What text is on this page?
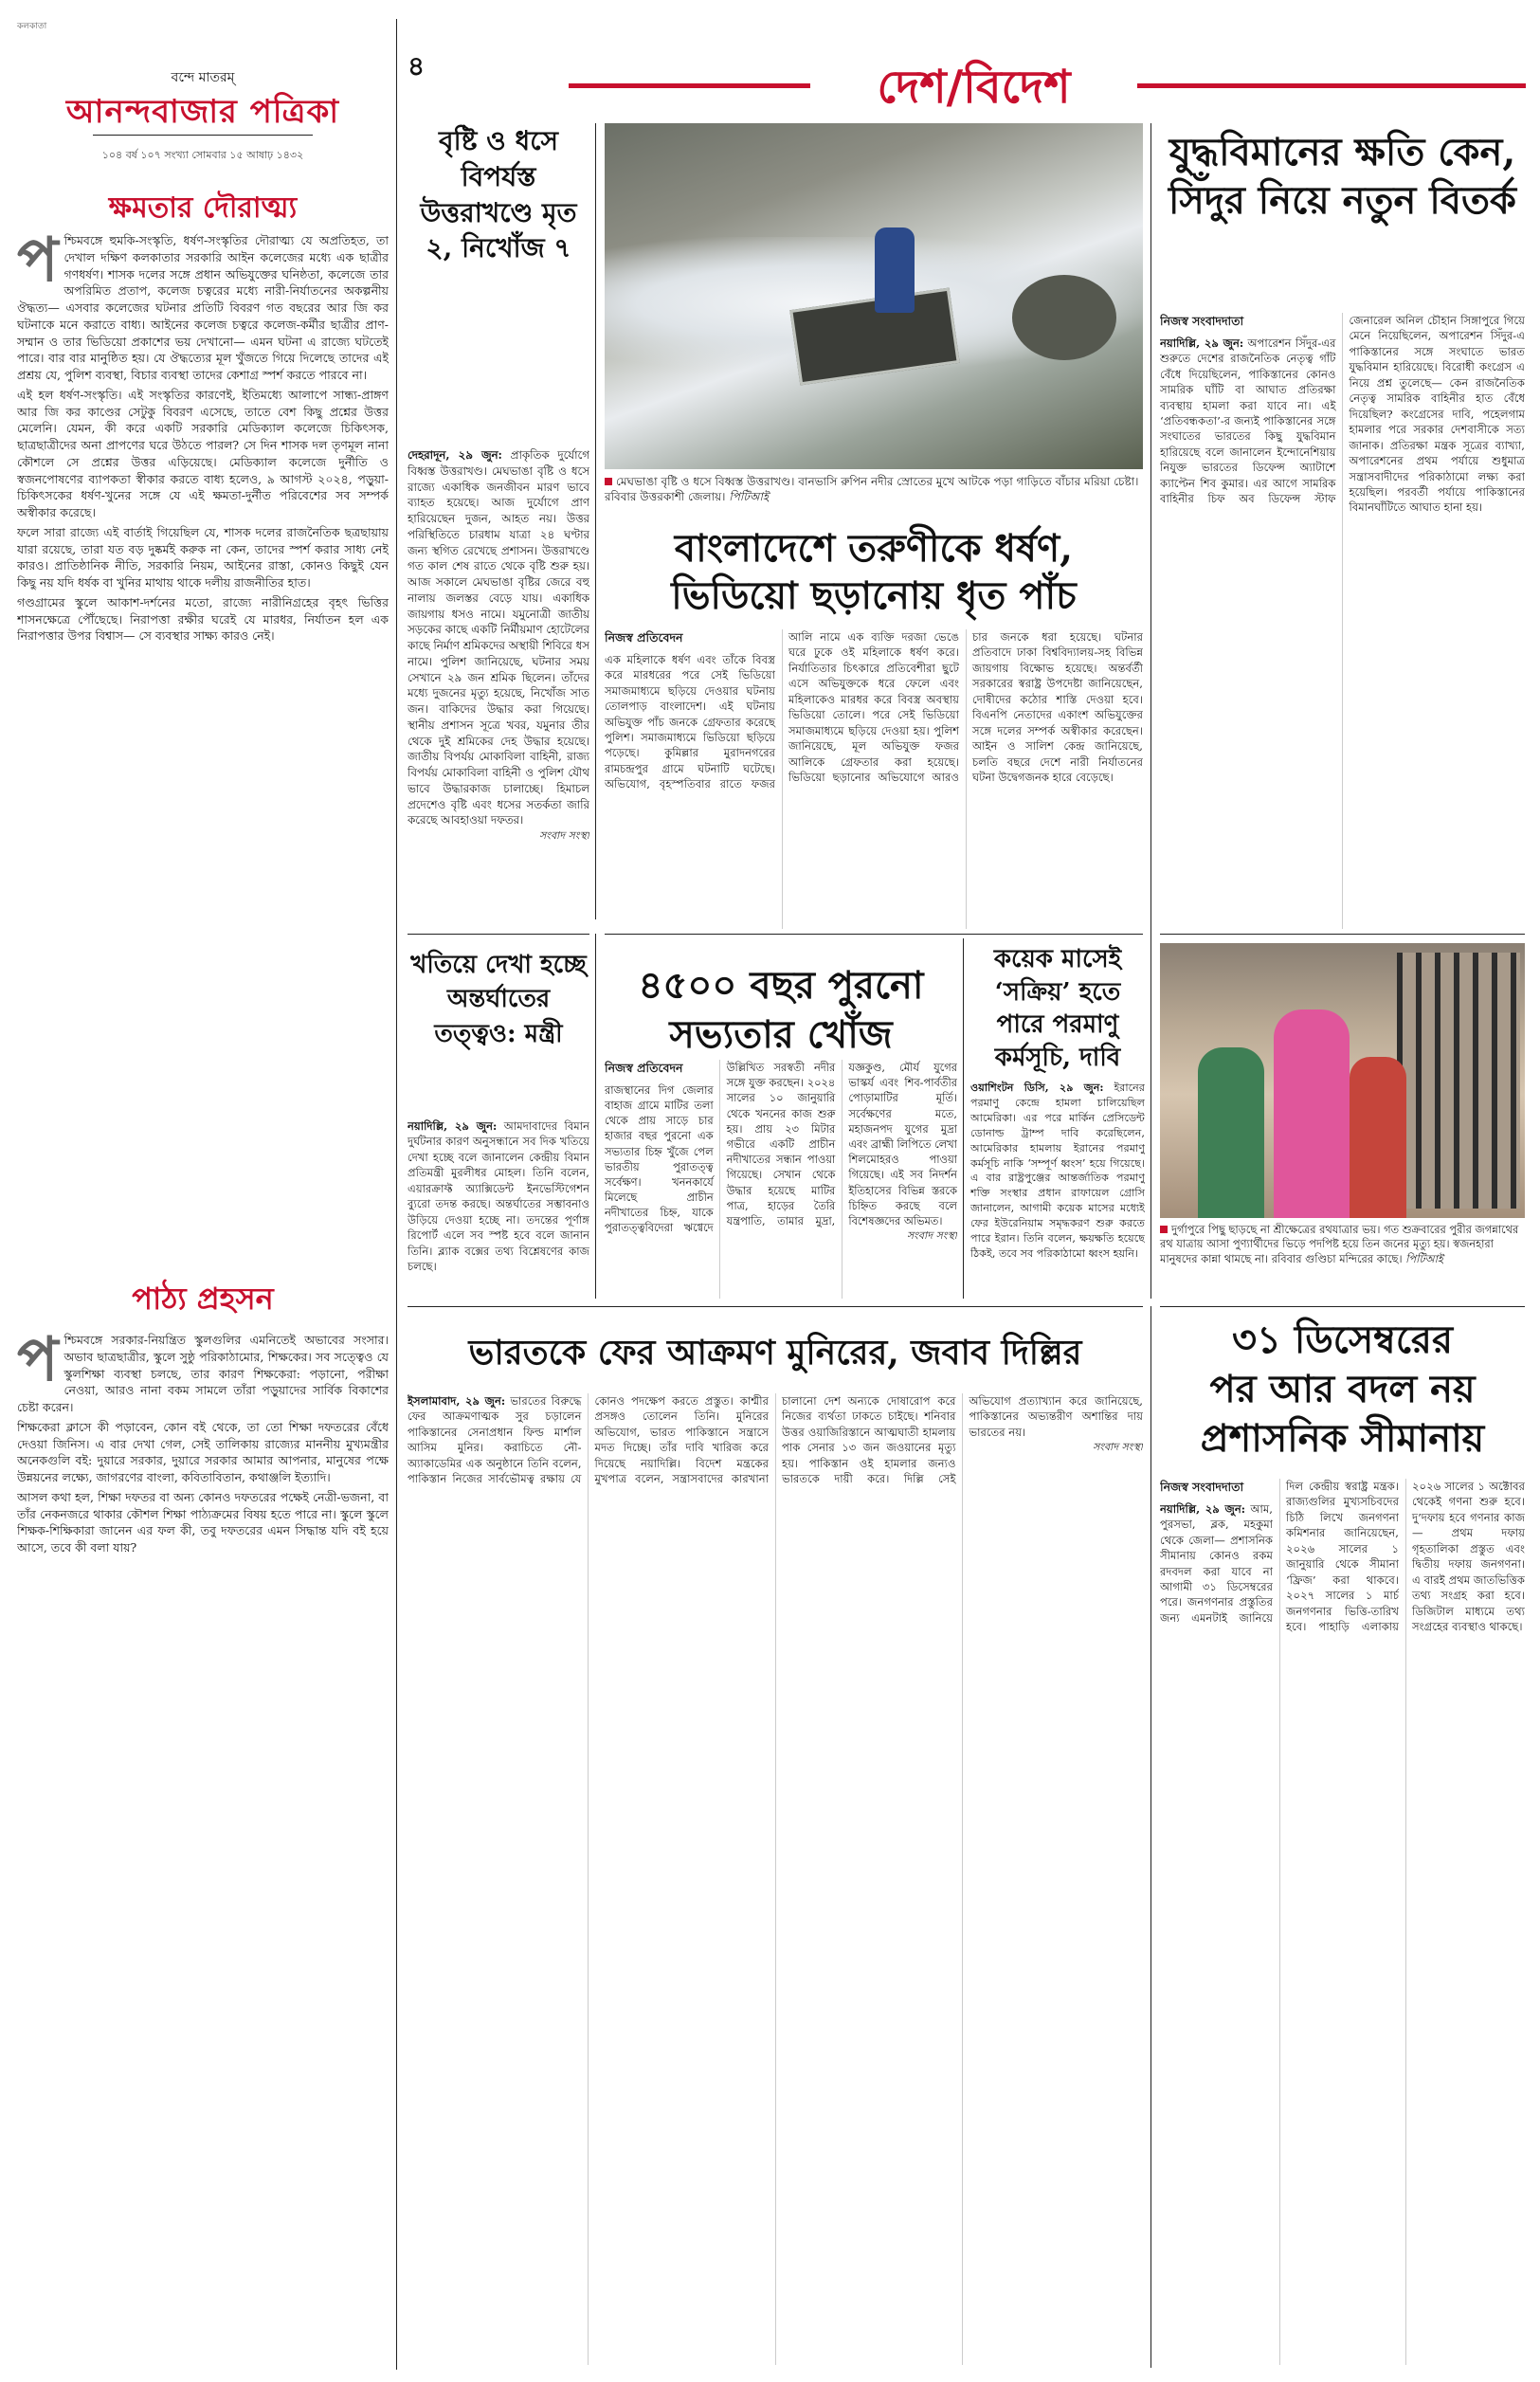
কলকাতা
বন্দে মাতরম্
আনন্দবাজার পত্রিকা
১০৪ বর্ষ ১০৭ সংখ্যা সোমবার ১৫ আষাঢ় ১৪৩২
ক্ষমতার দৌরাত্ম্য
প শ্চিমবঙ্গে হুমকি-সংস্কৃতি, ধর্ষণ-সংস্কৃতির দৌরাত্ম্য যে অপ্রতিহত, তা দেখাল দক্ষিণ কলকাতার সরকারি আইন কলেজের মধ্যে এক ছাত্রীর গণধর্ষণ। শাসক দলের সঙ্গে প্রধান অভিযুক্তের ঘনিষ্ঠতা, কলেজে তার অপরিমিত প্রতাপ, কলেজ চত্বরের মধ্যে নারী-নির্যাতনের অকল্পনীয় ঔদ্ধত্য— এসবার কলেজের ঘটনার প্রতিটি বিবরণ গত বছরের আর জি কর ঘটনাকে মনে করাতে বাধ্য। আইনের কলেজ চত্বরে কলেজ-কর্মীর ছাত্রীর প্রাণ-সম্মান ও তার ভিডিয়ো প্রকাশের ভয় দেখানো— এমন ঘটনা এ রাজ্যে ঘটতেই পারে। বার বার মানুষ্ঠিত হয়। যে ঔদ্ধত্যের মূল খুঁজতে গিয়ে দিলেছে তাদের এই প্রশ্রয় যে, পুলিশ ব্যবস্থা, বিচার ব্যবস্থা তাদের কেশাগ্র স্পর্শ করতে পারবে না।

এই হল ধর্ষণ-সংস্কৃতি। এই সংস্কৃতির কারণেই, ইতিমধ্যে আলাপে সান্ধ্য-প্রাঙ্গণ আর জি কর কাণ্ডের সেটুকু বিবরণ এসেছে, তাতে বেশ কিছু প্রশ্নের উত্তর মেলেনি। যেমন, কী করে একটি সরকারি মেডিক্যাল কলেজে চিকিৎসক, ছাত্রছাত্রীদের অনা প্রাপণের ঘরে উঠতে পারল? সে দিন শাসক দল তৃণমূল নানা কৌশলে সে প্রশ্নের উত্তর এড়িয়েছে। মেডিক্যাল কলেজে দুর্নীতি ও স্বজনপোষণের ব্যাপকতা স্বীকার করতে বাধ্য হলেও, ৯ আগস্ট ২০২৪, পড়ুয়া-চিকিৎসকের ধর্ষণ-খুনের সঙ্গে যে এই ক্ষমতা-দুর্নীত পরিবেশের সব সম্পর্ক অস্বীকার করেছে।

ফলে সারা রাজ্যে এই বার্তাই গিয়েছিল যে, শাসক দলের রাজনৈতিক ছত্রছায়ায় যারা রয়েছে, তারা যত বড় দুষ্কর্মই করুক না কেন, তাদের স্পর্শ করার সাধ্য নেই কারও। প্রাতিষ্ঠানিক নীতি, সরকারি নিয়ম, আইনের রাস্তা, কোনও কিছুই যেন কিছু নয় যদি ধর্ষক বা খুনির মাথায় থাকে দলীয় রাজনীতির হাত।

গণ্ডগ্রামের স্কুলে আকাশ-দর্শনের মতো, রাজ্যে নারীনিগ্রহের বৃহৎ ভিত্তির শাসনক্ষেত্রে পৌঁছেছে। নিরাপত্তা রক্ষীর ঘরেই যে মারধর, নির্যাতন হল এক নিরাপত্তার উপর বিশ্বাস— সে ব্যবস্থার সাক্ষ্য কারও নেই।

পাঠ্য প্রহসন
প শ্চিমবঙ্গে সরকার-নিয়ন্ত্রিত স্কুলগুলির এমনিতেই অভাবের সংসার। অভাব ছাত্রছাত্রীর, স্কুলে সুষ্ঠু পরিকাঠামোর, শিক্ষকের। সব সত্ত্বেও যে স্কুলশিক্ষা ব্যবস্থা চলছে, তার কারণ শিক্ষকেরা: পড়ানো, পরীক্ষা নেওয়া, আরও নানা বকম সামলে তাঁরা পড়ুয়াদের সার্বিক বিকাশের চেষ্টা করেন।

শিক্ষকেরা ক্লাসে কী পড়াবেন, কোন বই থেকে, তা তো শিক্ষা দফতরের বেঁধে দেওয়া জিনিস। এ বার দেখা গেল, সেই তালিকায় রাজ্যের মাননীয় মুখ্যমন্ত্রীর অনেকগুলি বই: দুয়ারে সরকার, দুয়ারে সরকার আমার আপনার, মানুষের পক্ষে উন্নয়নের লক্ষ্যে, জাগরণের বাংলা, কবিতাবিতান, কথাঞ্জলি ইত্যাদি।

আসল কথা হল, শিক্ষা দফতর বা অন্য কোনও দফতরের পক্ষেই নেত্রী-ভজনা, বা তাঁর নেকনজরে থাকার কৌশল শিক্ষা পাঠ্যক্রমের বিষয় হতে পারে না। স্কুলে স্কুলে শিক্ষক-শিক্ষিকারা জানেন এর ফল কী, তবু দফতরের এমন সিদ্ধান্ত যদি বই হয়ে আসে, তবে কী বলা যায়?

৪	দেশ/বিদেশ
বৃষ্টি ও ধসে বিপর্যস্ত উত্তরাখণ্ডে মৃত ২, নিখোঁজ ৭
দেহরাদূন, ২৯ জুন: প্রাকৃতিক দুর্যোগে বিধ্বস্ত উত্তরাখণ্ড। মেঘভাঙা বৃষ্টি ও ধসে রাজ্যে একাধিক জনজীবন মারণ ভাবে ব্যাহত হয়েছে। আজ দুর্যোগে প্রাণ হারিয়েছেন দুজন, আহত নয়। উত্তর পরিস্থিতিতে চারধাম যাত্রা ২৪ ঘণ্টার জন্য স্থগিত রেখেছে প্রশাসন। উত্তরাখণ্ডে গত কাল শেষ রাতে থেকে বৃষ্টি শুরু হয়। আজ সকালে মেঘভাঙা বৃষ্টির জেরে বহু নালায় জলস্তর বেড়ে যায়। একাধিক জায়গায় ধসও নামে। যমুনোত্রী জাতীয় সড়কের কাছে একটি নির্মীয়মাণ হোটেলের কাছে নির্মাণ শ্রমিকদের অস্থায়ী শিবিরে ধস নামে। পুলিশ জানিয়েছে, ঘটনার সময় সেখানে ২৯ জন শ্রমিক ছিলেন। তাঁদের মধ্যে দুজনের মৃত্যু হয়েছে, নিখোঁজ সাত জন। বাকিদের উদ্ধার করা গিয়েছে। স্থানীয় প্রশাসন সূত্রে খবর, যমুনার তীর থেকে দুই শ্রমিকের দেহ উদ্ধার হয়েছে। জাতীয় বিপর্যয় মোকাবিলা বাহিনী, রাজ্য বিপর্যয় মোকাবিলা বাহিনী ও পুলিশ যৌথ ভাবে উদ্ধারকাজ চালাচ্ছে। হিমাচল প্রদেশেও বৃষ্টি এবং ধসের সতর্কতা জারি করেছে আবহাওয়া দফতর।
সংবাদ সংস্থা
মেঘভাঙা বৃষ্টি ও ধসে বিধ্বস্ত উত্তরাখণ্ড। বানভাসি রুপিন নদীর স্রোতের মুখে আটকে পড়া গাড়িতে বাঁচার মরিয়া চেষ্টা। রবিবার উত্তরকাশী জেলায়। পিটিআই
বাংলাদেশে তরুণীকে ধর্ষণ,
ভিডিয়ো ছড়ানোয় ধৃত পাঁচ
নিজস্ব প্রতিবেদন
এক মহিলাকে ধর্ষণ এবং তাঁকে বিবস্ত্র করে মারধরের পরে সেই ভিডিয়ো সমাজমাধ্যমে ছড়িয়ে দেওয়ার ঘটনায় তোলপাড় বাংলাদেশ। এই ঘটনায় অভিযুক্ত পাঁচ জনকে গ্রেফতার করেছে পুলিশ। সমাজমাধ্যমে ভিডিয়ো ছড়িয়ে পড়েছে। কুমিল্লার মুরাদনগরের রামচন্দ্রপুর গ্রামে ঘটনাটি ঘটেছে। অভিযোগ, বৃহস্পতিবার রাতে ফজর আলি নামে এক ব্যক্তি দরজা ভেঙে ঘরে ঢুকে ওই মহিলাকে ধর্ষণ করে। নির্যাতিতার চিৎকারে প্রতিবেশীরা ছুটে এসে অভিযুক্তকে ধরে ফেলে এবং মহিলাকেও মারধর করে বিবস্ত্র অবস্থায় ভিডিয়ো তোলে। পরে সেই ভিডিয়ো সমাজমাধ্যমে ছড়িয়ে দেওয়া হয়। পুলিশ জানিয়েছে, মূল অভিযুক্ত ফজর আলিকে গ্রেফতার করা হয়েছে। ভিডিয়ো ছড়ানোর অভিযোগে আরও চার জনকে ধরা হয়েছে। ঘটনার প্রতিবাদে ঢাকা বিশ্ববিদ্যালয়-সহ বিভিন্ন জায়গায় বিক্ষোভ হয়েছে। অন্তর্বর্তী সরকারের স্বরাষ্ট্র উপদেষ্টা জানিয়েছেন, দোষীদের কঠোর শাস্তি দেওয়া হবে। বিএনপি নেতাদের একাংশ অভিযুক্তের সঙ্গে দলের সম্পর্ক অস্বীকার করেছেন। আইন ও সালিশ কেন্দ্র জানিয়েছে, চলতি বছরে দেশে নারী নির্যাতনের ঘটনা উদ্বেগজনক হারে বেড়েছে।
যুদ্ধবিমানের ক্ষতি কেন, সিঁদুর নিয়ে নতুন বিতর্ক
নিজস্ব সংবাদদাতা
নয়াদিল্লি, ২৯ জুন: অপারেশন সিঁদুর-এর শুরুতে দেশের রাজনৈতিক নেতৃত্ব গাঁট বেঁধে দিয়েছিলেন, পাকিস্তানের কোনও সামরিক ঘাঁটি বা আঘাত প্রতিরক্ষা ব্যবস্থায় হামলা করা যাবে না। এই ‘প্রতিবন্ধকতা’-র জন্যই পাকিস্তানের সঙ্গে সংঘাতের ভারতের কিছু যুদ্ধবিমান হারিয়েছে বলে জানালেন ইন্দোনেশিয়ায় নিযুক্ত ভারতের ডিফেন্স অ্যাটাশে ক্যাপ্টেন শিব কুমার। এর আগে সামরিক বাহিনীর চিফ অব ডিফেন্স স্টাফ জেনারেল অনিল চৌহান সিঙ্গাপুরে গিয়ে মেনে নিয়েছিলেন, অপারেশন সিঁদুর-এ পাকিস্তানের সঙ্গে সংঘাতে ভারত যুদ্ধবিমান হারিয়েছে। বিরোধী কংগ্রেস এ নিয়ে প্রশ্ন তুলেছে— কেন রাজনৈতিক নেতৃত্ব সামরিক বাহিনীর হাত বেঁধে দিয়েছিল? কংগ্রেসের দাবি, পহেলগাম হামলার পরে সরকার দেশবাসীকে সত্য জানাক। প্রতিরক্ষা মন্ত্রক সূত্রের ব্যাখ্যা, অপারেশনের প্রথম পর্যায়ে শুধুমাত্র সন্ত্রাসবাদীদের পরিকাঠামো লক্ষ্য করা হয়েছিল। পরবর্তী পর্যায়ে পাকিস্তানের বিমানঘাঁটিতে আঘাত হানা হয়।
খতিয়ে দেখা হচ্ছে অন্তর্ঘাতের তত্ত্বও: মন্ত্রী
নয়াদিল্লি, ২৯ জুন: আমদাবাদের বিমান দুর্ঘটনার কারণ অনুসন্ধানে সব দিক খতিয়ে দেখা হচ্ছে বলে জানালেন কেন্দ্রীয় বিমান প্রতিমন্ত্রী মুরলীধর মোহল। তিনি বলেন, এয়ারক্রাফ্ট অ্যাক্সিডেন্ট ইনভেস্টিগেশন ব্যুরো তদন্ত করছে। অন্তর্ঘাতের সম্ভাবনাও উড়িয়ে দেওয়া হচ্ছে না। তদন্তের পূর্ণাঙ্গ রিপোর্ট এলে সব স্পষ্ট হবে বলে জানান তিনি। ব্ল্যাক বক্সের তথ্য বিশ্লেষণের কাজ চলছে।
৪৫০০ বছর পুরনো
সভ্যতার খোঁজ
নিজস্ব প্রতিবেদন
রাজস্থানের দিগ জেলার বাহাজ গ্রামে মাটির তলা থেকে প্রায় সাড়ে চার হাজার বছর পুরনো এক সভ্যতার চিহ্ন খুঁজে পেল ভারতীয় পুরাতত্ত্ব সর্বেক্ষণ। খননকার্যে মিলেছে প্রাচীন নদীখাতের চিহ্ন, যাকে পুরাতত্ত্ববিদেরা ঋগ্বেদে উল্লিখিত সরস্বতী নদীর সঙ্গে যুক্ত করছেন। ২০২৪ সালের ১০ জানুয়ারি থেকে খননের কাজ শুরু হয়। প্রায় ২৩ মিটার গভীরে একটি প্রাচীন নদীখাতের সন্ধান পাওয়া গিয়েছে। সেখান থেকে উদ্ধার হয়েছে মাটির পাত্র, হাড়ের তৈরি যন্ত্রপাতি, তামার মুদ্রা, যজ্ঞকুণ্ড, মৌর্য যুগের ভাস্কর্য এবং শিব-পার্বতীর পোড়ামাটির মূর্তি। সর্বেক্ষণের মতে, মহাজনপদ যুগের মুদ্রা এবং ব্রাহ্মী লিপিতে লেখা শিলমোহরও পাওয়া গিয়েছে। এই সব নিদর্শন ইতিহাসের বিভিন্ন স্তরকে চিহ্নিত করছে বলে বিশেষজ্ঞদের অভিমত।
সংবাদ সংস্থা
কয়েক মাসেই
‘সক্রিয়’ হতে
পারে পরমাণু
কর্মসূচি, দাবি
ওয়াশিংটন ডিসি, ২৯ জুন: ইরানের পরমাণু কেন্দ্রে হামলা চালিয়েছিল আমেরিকা। এর পরে মার্কিন প্রেসিডেন্ট ডোনাল্ড ট্রাম্প দাবি করেছিলেন, আমেরিকার হামলায় ইরানের পরমাণু কর্মসূচি নাকি ‘সম্পূর্ণ ধ্বংস’ হয়ে গিয়েছে। এ বার রাষ্ট্রপুঞ্জের আন্তর্জাতিক পরমাণু শক্তি সংস্থার প্রধান রাফায়েল গ্রোসি জানালেন, আগামী কয়েক মাসের মধ্যেই ফের ইউরেনিয়াম সমৃদ্ধকরণ শুরু করতে পারে ইরান। তিনি বলেন, ক্ষয়ক্ষতি হয়েছে ঠিকই, তবে সব পরিকাঠামো ধ্বংস হয়নি।
দুর্গাপুরে পিছু ছাড়ছে না শ্রীক্ষেত্রের রথযাত্রার ভয়। গত শুক্রবারের পুরীর জগন্নাথের রথ যাত্রায় আসা পুণ্যার্থীদের ভিড়ে পদপিষ্ট হয়ে তিন জনের মৃত্যু হয়। স্বজনহারা মানুষদের কান্না থামছে না। রবিবার গুণ্ডিচা মন্দিরের কাছে। পিটিআই
৩১ ডিসেম্বরের
পর আর বদল নয়
প্রশাসনিক সীমানায়
নিজস্ব সংবাদদাতা
নয়াদিল্লি, ২৯ জুন: আম, পুরসভা, ব্লক, মহকুমা থেকে জেলা— প্রশাসনিক সীমানায় কোনও রকম রদবদল করা যাবে না আগামী ৩১ ডিসেম্বরের পরে। জনগণনার প্রস্তুতির জন্য এমনটাই জানিয়ে দিল কেন্দ্রীয় স্বরাষ্ট্র মন্ত্রক। রাজ্যগুলির মুখ্যসচিবদের চিঠি লিখে জনগণনা কমিশনার জানিয়েছেন, ২০২৬ সালের ১ জানুয়ারি থেকে সীমানা ‘ফ্রিজ’ করা থাকবে। ২০২৭ সালের ১ মার্চ জনগণনার ভিত্তি-তারিখ হবে। পাহাড়ি এলাকায় ২০২৬ সালের ১ অক্টোবর থেকেই গণনা শুরু হবে। দু’দফায় হবে গণনার কাজ— প্রথম দফায় গৃহতালিকা প্রস্তুত এবং দ্বিতীয় দফায় জনগণনা। এ বারই প্রথম জাতভিত্তিক তথ্য সংগ্রহ করা হবে। ডিজিটাল মাধ্যমে তথ্য সংগ্রহের ব্যবস্থাও থাকছে।
ভারতকে ফের আক্রমণ মুনিরের, জবাব দিল্লির
ইসলামাবাদ, ২৯ জুন: ভারতের বিরুদ্ধে ফের আক্রমণাত্মক সুর চড়ালেন পাকিস্তানের সেনাপ্রধান ফিল্ড মার্শাল আসিম মুনির। করাচিতে নৌ-অ্যাকাডেমির এক অনুষ্ঠানে তিনি বলেন, পাকিস্তান নিজের সার্বভৌমত্ব রক্ষায় যে কোনও পদক্ষেপ করতে প্রস্তুত। কাশ্মীর প্রসঙ্গও তোলেন তিনি। মুনিরের অভিযোগ, ভারত পাকিস্তানে সন্ত্রাসে মদত দিচ্ছে। তাঁর দাবি খারিজ করে দিয়েছে নয়াদিল্লি। বিদেশ মন্ত্রকের মুখপাত্র বলেন, সন্ত্রাসবাদের কারখানা চালানো দেশ অন্যকে দোষারোপ করে নিজের ব্যর্থতা ঢাকতে চাইছে। শনিবার উত্তর ওয়াজিরিস্তানে আত্মঘাতী হামলায় পাক সেনার ১৩ জন জওয়ানের মৃত্যু হয়। পাকিস্তান ওই হামলার জন্যও ভারতকে দায়ী করে। দিল্লি সেই অভিযোগ প্রত্যাখ্যান করে জানিয়েছে, পাকিস্তানের অভ্যন্তরীণ অশান্তির দায় ভারতের নয়।
সংবাদ সংস্থা
